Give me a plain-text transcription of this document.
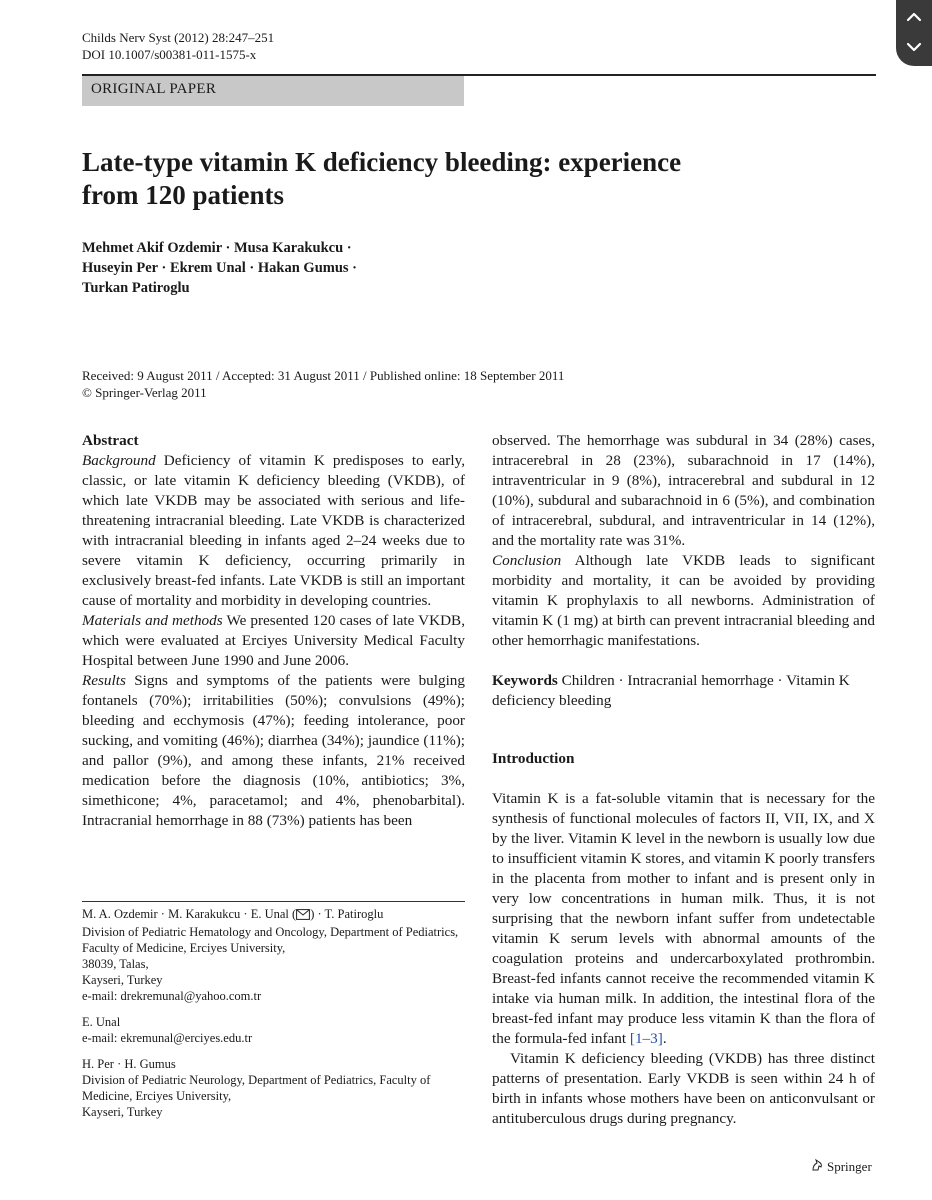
Childs Nerv Syst (2012) 28:247–251
DOI 10.1007/s00381-011-1575-x
ORIGINAL PAPER
Late-type vitamin K deficiency bleeding: experience
from 120 patients
Mehmet Akif Ozdemir · Musa Karakukcu ·
Huseyin Per · Ekrem Unal · Hakan Gumus ·
Turkan Patiroglu
Received: 9 August 2011 / Accepted: 31 August 2011 / Published online: 18 September 2011
© Springer-Verlag 2011

Abstract

Background Deficiency of vitamin K predisposes to early, classic, or late vitamin K deficiency bleeding (VKDB), of which late VKDB may be associated with serious and life-threatening intracranial bleeding. Late VKDB is characterized with intracranial bleeding in infants aged 2–24 weeks due to severe vitamin K deficiency, occurring primarily in exclusively breast-fed infants. Late VKDB is still an important cause of mortality and morbidity in developing countries.

Materials and methods We presented 120 cases of late VKDB, which were evaluated at Erciyes University Medical Faculty Hospital between June 1990 and June 2006.

Results Signs and symptoms of the patients were bulging fontanels (70%); irritabilities (50%); convulsions (49%); bleeding and ecchymosis (47%); feeding intolerance, poor sucking, and vomiting (46%); diarrhea (34%); jaundice (11%); and pallor (9%), and among these infants, 21% received medication before the diagnosis (10%, antibiotics; 3%, simethicone; 4%, paracetamol; and 4%, phenobarbital). Intracranial hemorrhage in 88 (73%) patients has been

M. A. Ozdemir · M. Karakukcu · E. Unal ( ) · T. Patiroglu
Division of Pediatric Hematology and Oncology, Department of Pediatrics, Faculty of Medicine, Erciyes University,
38039, Talas,
Kayseri, Turkey
e-mail: drekremunal@yahoo.com.tr

E. Unal
e-mail: ekremunal@erciyes.edu.tr

H. Per · H. Gumus
Division of Pediatric Neurology, Department of Pediatrics, Faculty of Medicine, Erciyes University,
Kayseri, Turkey

observed. The hemorrhage was subdural in 34 (28%) cases, intracerebral in 28 (23%), subarachnoid in 17 (14%), intraventricular in 9 (8%), intracerebral and subdural in 12 (10%), subdural and subarachnoid in 6 (5%), and combination of intracerebral, subdural, and intraventricular in 14 (12%), and the mortality rate was 31%.

Conclusion Although late VKDB leads to significant morbidity and mortality, it can be avoided by providing vitamin K prophylaxis to all newborns. Administration of vitamin K (1 mg) at birth can prevent intracranial bleeding and other hemorrhagic manifestations.

Keywords Children · Intracranial hemorrhage · Vitamin K deficiency bleeding

Introduction

Vitamin K is a fat-soluble vitamin that is necessary for the synthesis of functional molecules of factors II, VII, IX, and X by the liver. Vitamin K level in the newborn is usually low due to insufficient vitamin K stores, and vitamin K poorly transfers in the placenta from mother to infant and is present only in very low concentrations in human milk. Thus, it is not surprising that the newborn infant suffer from undetectable vitamin K serum levels with abnormal amounts of the coagulation proteins and undercarboxylated prothrombin. Breast-fed infants cannot receive the recommended vitamin K intake via human milk. In addition, the intestinal flora of the breast-fed infant may produce less vitamin K than the flora of the formula-fed infant [1–3].

Vitamin K deficiency bleeding (VKDB) has three distinct patterns of presentation. Early VKDB is seen within 24 h of birth in infants whose mothers have been on anticonvulsant or antituberculous drugs during pregnancy.

Springer
